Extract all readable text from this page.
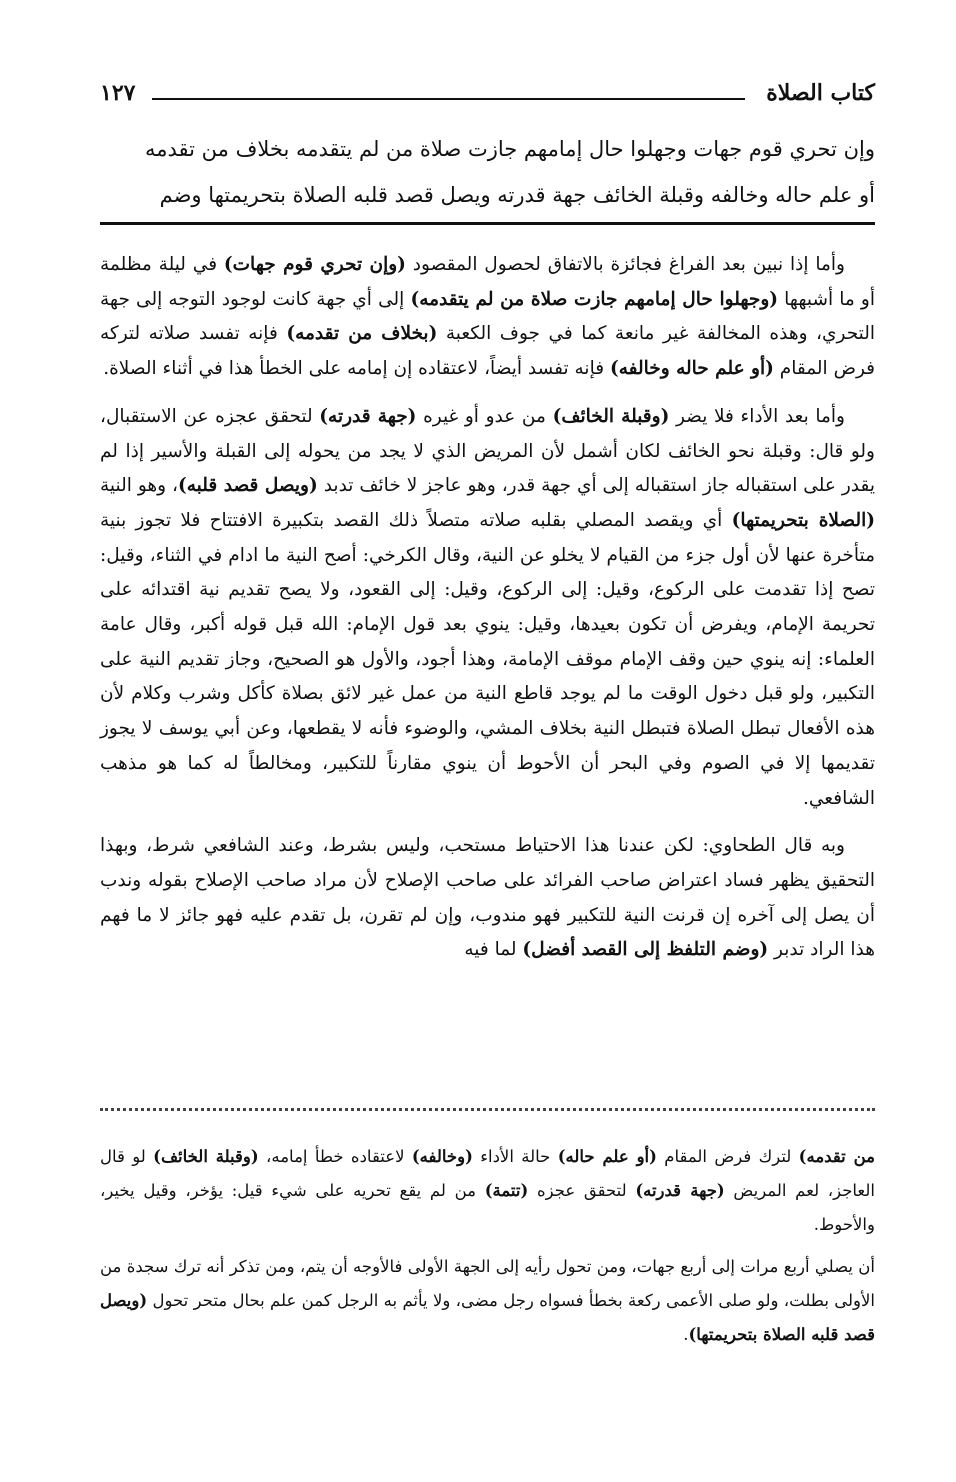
كتاب الصلاة
١٢٧
وإن تحري قوم جهات وجهلوا حال إمامهم جازت صلاة من لم يتقدمه بخلاف من تقدمه
أو علم حاله وخالفه وقبلة الخائف جهة قدرته ويصل قصد قلبه الصلاة بتحريمتها وضم

وأما إذا نبين بعد الفراغ فجائزة بالاتفاق لحصول المقصود (وإن تحري قوم جهات) في ليلة مظلمة أو ما أشبهها (وجهلوا حال إمامهم جازت صلاة من لم يتقدمه) إلى أي جهة كانت لوجود التوجه إلى جهة التحري، وهذه المخالفة غير مانعة كما في جوف الكعبة (بخلاف من تقدمه) فإنه تفسد صلاته لتركه فرض المقام (أو علم حاله وخالفه) فإنه تفسد أيضاً، لاعتقاده إن إمامه على الخطأ هذا في أثناء الصلاة.

وأما بعد الأداء فلا يضر (وقبلة الخائف) من عدو أو غيره (جهة قدرته) لتحقق عجزه عن الاستقبال، ولو قال: وقبلة نحو الخائف لكان أشمل لأن المريض الذي لا يجد من يحوله إلى القبلة والأسير إذا لم يقدر على استقباله جاز استقباله إلى أي جهة قدر، وهو عاجز لا خائف تدبد (ويصل قصد قلبه)، وهو النية (الصلاة بتحريمتها) أي ويقصد المصلي بقلبه صلاته متصلاً ذلك القصد بتكبيرة الافتتاح فلا تجوز بنية متأخرة عنها لأن أول جزء من القيام لا يخلو عن النية، وقال الكرخي: أصح النية ما ادام في الثناء، وقيل: تصح إذا تقدمت على الركوع، وقيل: إلى الركوع، وقيل: إلى القعود، ولا يصح تقديم نية اقتدائه على تحريمة الإمام، ويفرض أن تكون بعيدها، وقيل: ينوي بعد قول الإمام: الله قبل قوله أكبر، وقال عامة العلماء: إنه ينوي حين وقف الإمام موقف الإمامة، وهذا أجود، والأول هو الصحيح، وجاز تقديم النية على التكبير، ولو قبل دخول الوقت ما لم يوجد قاطع النية من عمل غير لائق بصلاة كأكل وشرب وكلام لأن هذه الأفعال تبطل الصلاة فتبطل النية بخلاف المشي، والوضوء فأنه لا يقطعها، وعن أبي يوسف لا يجوز تقديمها إلا في الصوم وفي البحر أن الأحوط أن ينوي مقارناً للتكبير، ومخالطاً له كما هو مذهب الشافعي.

وبه قال الطحاوي: لكن عندنا هذا الاحتياط مستحب، وليس بشرط، وعند الشافعي شرط، وبهذا التحقيق يظهر فساد اعتراض صاحب الفرائد على صاحب الإصلاح لأن مراد صاحب الإصلاح بقوله وندب أن يصل إلى آخره إن قرنت النية للتكبير فهو مندوب، وإن لم تقرن، بل تقدم عليه فهو جائز لا ما فهم هذا الراد تدبر (وضم التلفظ إلى القصد أفضل) لما فيه

من تقدمه) لترك فرض المقام (أو علم حاله) حالة الأداء (وخالفه) لاعتقاده خطأ إمامه، (وقبلة الخائف) لو قال العاجز، لعم المريض (جهة قدرته) لتحقق عجزه (تتمة) من لم يقع تحريه على شيء قيل: يؤخر، وقيل يخير، والأحوط.

أن يصلي أربع مرات إلى أربع جهات، ومن تحول رأيه إلى الجهة الأولى فالأوجه أن يتم، ومن تذكر أنه ترك سجدة من الأولى بطلت، ولو صلى الأعمى ركعة بخطأ فسواه رجل مضى، ولا يأثم به الرجل كمن علم بحال متحر تحول (ويصل قصد قلبه الصلاة بتحريمتها).
